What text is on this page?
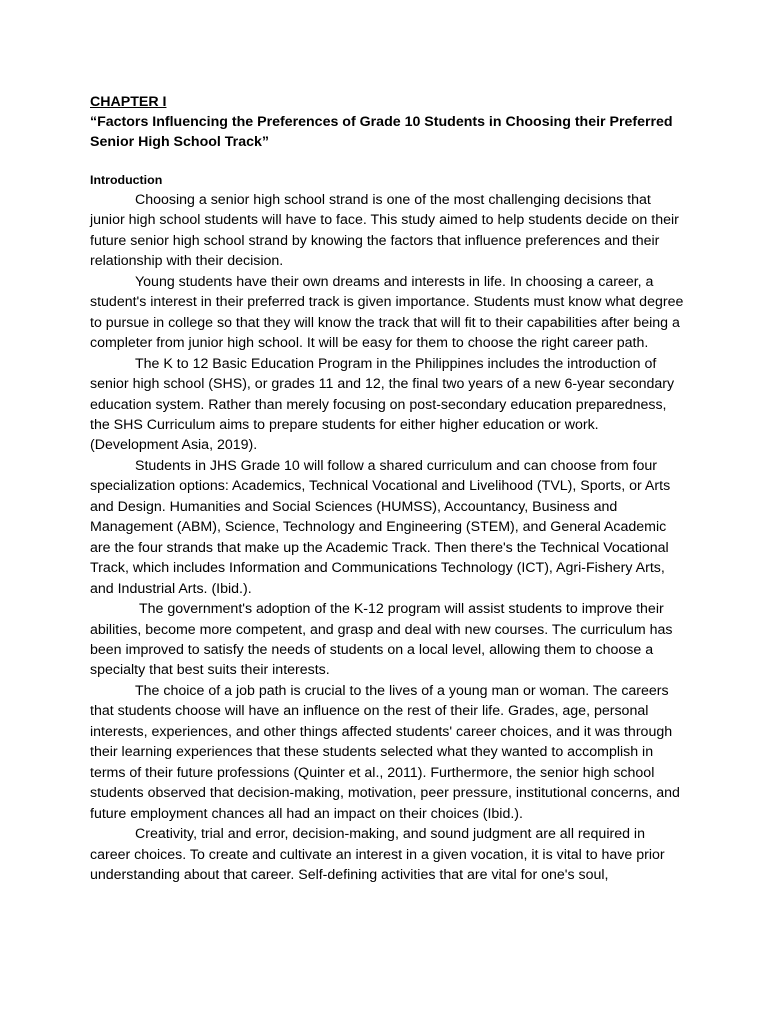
CHAPTER I

“Factors Influencing the Preferences of Grade 10 Students in Choosing their Preferred Senior High School Track”

Introduction

Choosing a senior high school strand is one of the most challenging decisions that junior high school students will have to face. This study aimed to help students decide on their future senior high school strand by knowing the factors that influence preferences and their relationship with their decision.

Young students have their own dreams and interests in life. In choosing a career, a student's interest in their preferred track is given importance. Students must know what degree to pursue in college so that they will know the track that will fit to their capabilities after being a completer from junior high school. It will be easy for them to choose the right career path.

The K to 12 Basic Education Program in the Philippines includes the introduction of senior high school (SHS), or grades 11 and 12, the final two years of a new 6-year secondary education system. Rather than merely focusing on post-secondary education preparedness, the SHS Curriculum aims to prepare students for either higher education or work. (Development Asia, 2019).

Students in JHS Grade 10 will follow a shared curriculum and can choose from four specialization options: Academics, Technical Vocational and Livelihood (TVL), Sports, or Arts and Design. Humanities and Social Sciences (HUMSS), Accountancy, Business and Management (ABM), Science, Technology and Engineering (STEM), and General Academic are the four strands that make up the Academic Track. Then there's the Technical Vocational Track, which includes Information and Communications Technology (ICT), Agri-Fishery Arts, and Industrial Arts. (Ibid.).

The government's adoption of the K-12 program will assist students to improve their abilities, become more competent, and grasp and deal with new courses. The curriculum has been improved to satisfy the needs of students on a local level, allowing them to choose a specialty that best suits their interests.

The choice of a job path is crucial to the lives of a young man or woman. The careers that students choose will have an influence on the rest of their life. Grades, age, personal interests, experiences, and other things affected students' career choices, and it was through their learning experiences that these students selected what they wanted to accomplish in terms of their future professions (Quinter et al., 2011). Furthermore, the senior high school students observed that decision-making, motivation, peer pressure, institutional concerns, and future employment chances all had an impact on their choices (Ibid.).

Creativity, trial and error, decision-making, and sound judgment are all required in career choices. To create and cultivate an interest in a given vocation, it is vital to have prior understanding about that career. Self-defining activities that are vital for one's soul,
